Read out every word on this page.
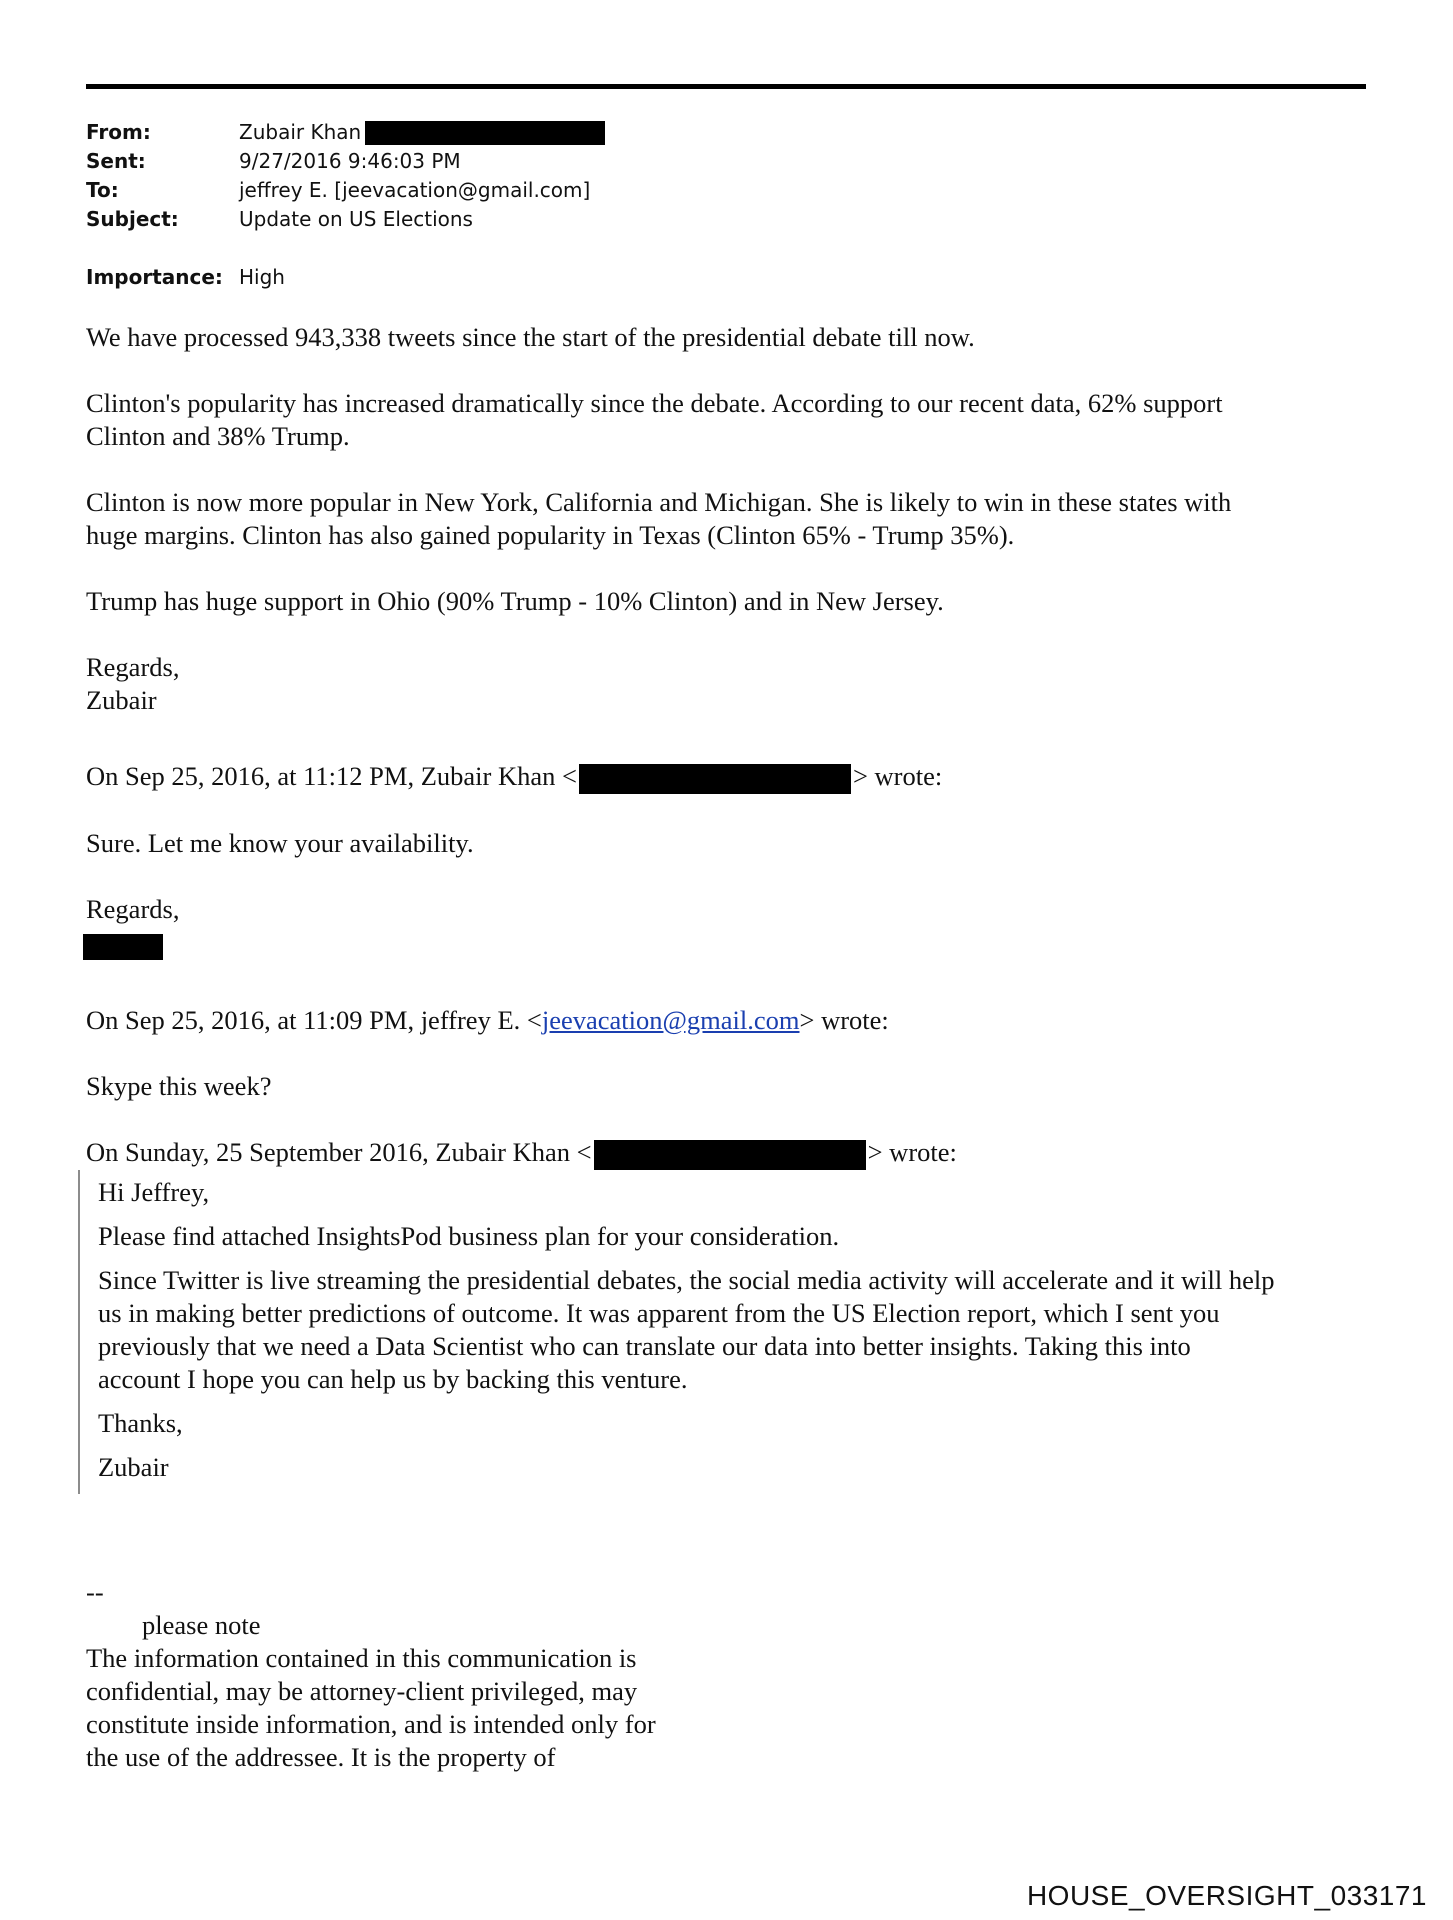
From:	Zubair Khan
Sent:	9/27/2016 9:46:03 PM
To:	jeffrey E. [jeevacation@gmail.com]
Subject:	Update on US Elections
Importance: High

We have processed 943,338 tweets since the start of the presidential debate till now.

Clinton's popularity has increased dramatically since the debate. According to our recent data, 62% support
Clinton and 38% Trump.

Clinton is now more popular in New York, California and Michigan. She is likely to win in these states with
huge margins. Clinton has also gained popularity in Texas (Clinton 65% - Trump 35%).

Trump has huge support in Ohio (90% Trump - 10% Clinton) and in New Jersey.

Regards,

Zubair

On Sep 25, 2016, at 11:12 PM, Zubair Khan <	> wrote:

Sure. Let me know your availability.

Regards,

On Sep 25, 2016, at 11:09 PM, jeffrey E. <jeevacation@gmail.com> wrote:

Skype this week?

On Sunday, 25 September 2016, Zubair Khan <	> wrote:

Hi Jeffrey,

Please find attached InsightsPod business plan for your consideration.

Since Twitter is live streaming the presidential debates, the social media activity will accelerate and it will help
us in making better predictions of outcome. It was apparent from the US Election report, which I sent you
previously that we need a Data Scientist who can translate our data into better insights. Taking this into
account I hope you can help us by backing this venture.

Thanks,

Zubair

--

please note

The information contained in this communication is

confidential, may be attorney-client privileged, may

constitute inside information, and is intended only for

the use of the addressee. It is the property of

HOUSE_OVERSIGHT_033171
